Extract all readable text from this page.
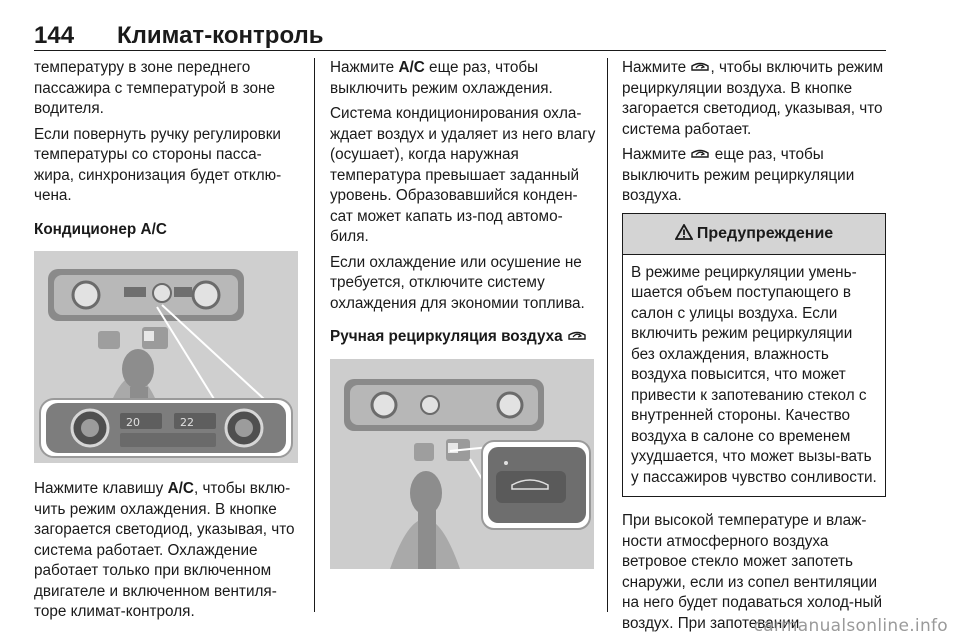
144 Климат-контроль

температуру в зоне переднего пассажира с температурой в зоне водителя.

Если повернуть ручку регулировки температуры со стороны пасса-жира, синхронизация будет отклю-чена.

Кондиционер A/C
20	22

Нажмите клавишу A/C, чтобы вклю-чить режим охлаждения. В кнопке загорается светодиод, указывая, что система работает. Охлаждение работает только при включенном двигателе и включенном вентиля-торе климат-контроля.

Нажмите A/C еще раз, чтобы выключить режим охлаждения.

Система кондиционирования охла-ждает воздух и удаляет из него влагу (осушает), когда наружная температура превышает заданный уровень. Образовавшийся конден-сат может капать из-под автомо-биля.

Если охлаждение или осушение не требуется, отключите систему охлаждения для экономии топлива.

Ручная рециркуляция воздуха

Нажмите , чтобы включить режим рециркуляции воздуха. В кнопке загорается светодиод, указывая, что система работает.

Нажмите  еще раз, чтобы выключить режим рециркуляции воздуха.

Предупреждение
В режиме рециркуляции умень-шается объем поступающего в салон с улицы воздуха. Если включить режим рециркуляции без охлаждения, влажность воздуха повысится, что может привести к запотеванию стекол с внутренней стороны. Качество воздуха в салоне со временем ухудшается, что может вызы-вать у пассажиров чувство сонливости.

При высокой температуре и влаж-ности атмосферного воздуха ветровое стекло может запотеть снаружи, если из сопел вентиляции на него будет подаваться холод-ный воздух. При запотевании

carmanualsonline.info
